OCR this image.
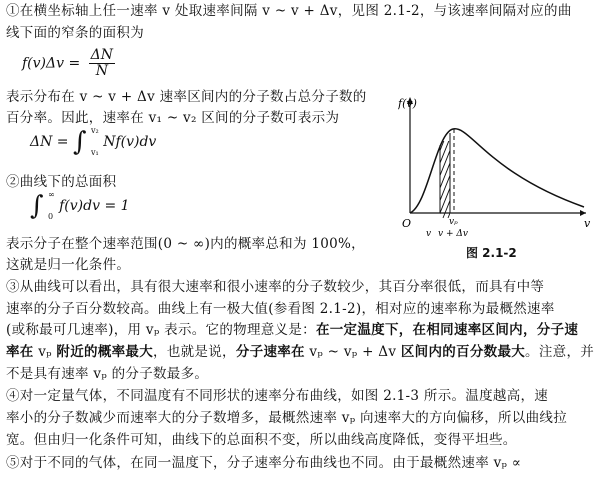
①在横坐标轴上任一速率 v 处取速率间隔 v ~ v + Δv，见图 2.1-2，与该速率间隔对应的曲
线下面的窄条的面积为
$f(v)\Delta v = \frac{\Delta N}{N}$
表示分布在 v ~ v + Δv 速率区间内的分子数占总分子数的
百分率。因此，速率在 v₁ ~ v₂ 区间的分子数可表示为
ΔN = ∫ v₂
v₁
Nf(v)dv
②曲线下的总面积
∫ ∞
0
f(v)dv = 1
表示分子在整个速率范围(0 ~ ∞)内的概率总和为 100%，
这就是归一化条件。
③从曲线可以看出，具有很大速率和很小速率的分子数较少，其百分率很低，而具有中等
速率的分子百分数较高。曲线上有一极大值(参看图 2.1-2)，相对应的速率称为最概然速率
(或称最可几速率)，用 vₚ 表示。它的物理意义是：在一定温度下，在相同速率区间内，分子速
率在 vₚ 附近的概率最大，也就是说，分子速率在 vₚ ~ vₚ + Δv 区间内的百分数最大。注意，并
不是具有速率 vₚ 的分子数最多。
④对一定量气体，不同温度有不同形状的速率分布曲线，如图 2.1-3 所示。温度越高，速
率小的分子数减少而速率大的分子数增多，最概然速率 vₚ 向速率大的方向偏移，所以曲线拉
宽。但由归一化条件可知，曲线下的总面积不变，所以曲线高度降低，变得平坦些。
⑤对于不同的气体，在同一温度下，分子速率分布曲线也不同。由于最概然速率 vₚ ∝
f(v)
v
O	vₚ
v v + Δv
图 2.1-2
